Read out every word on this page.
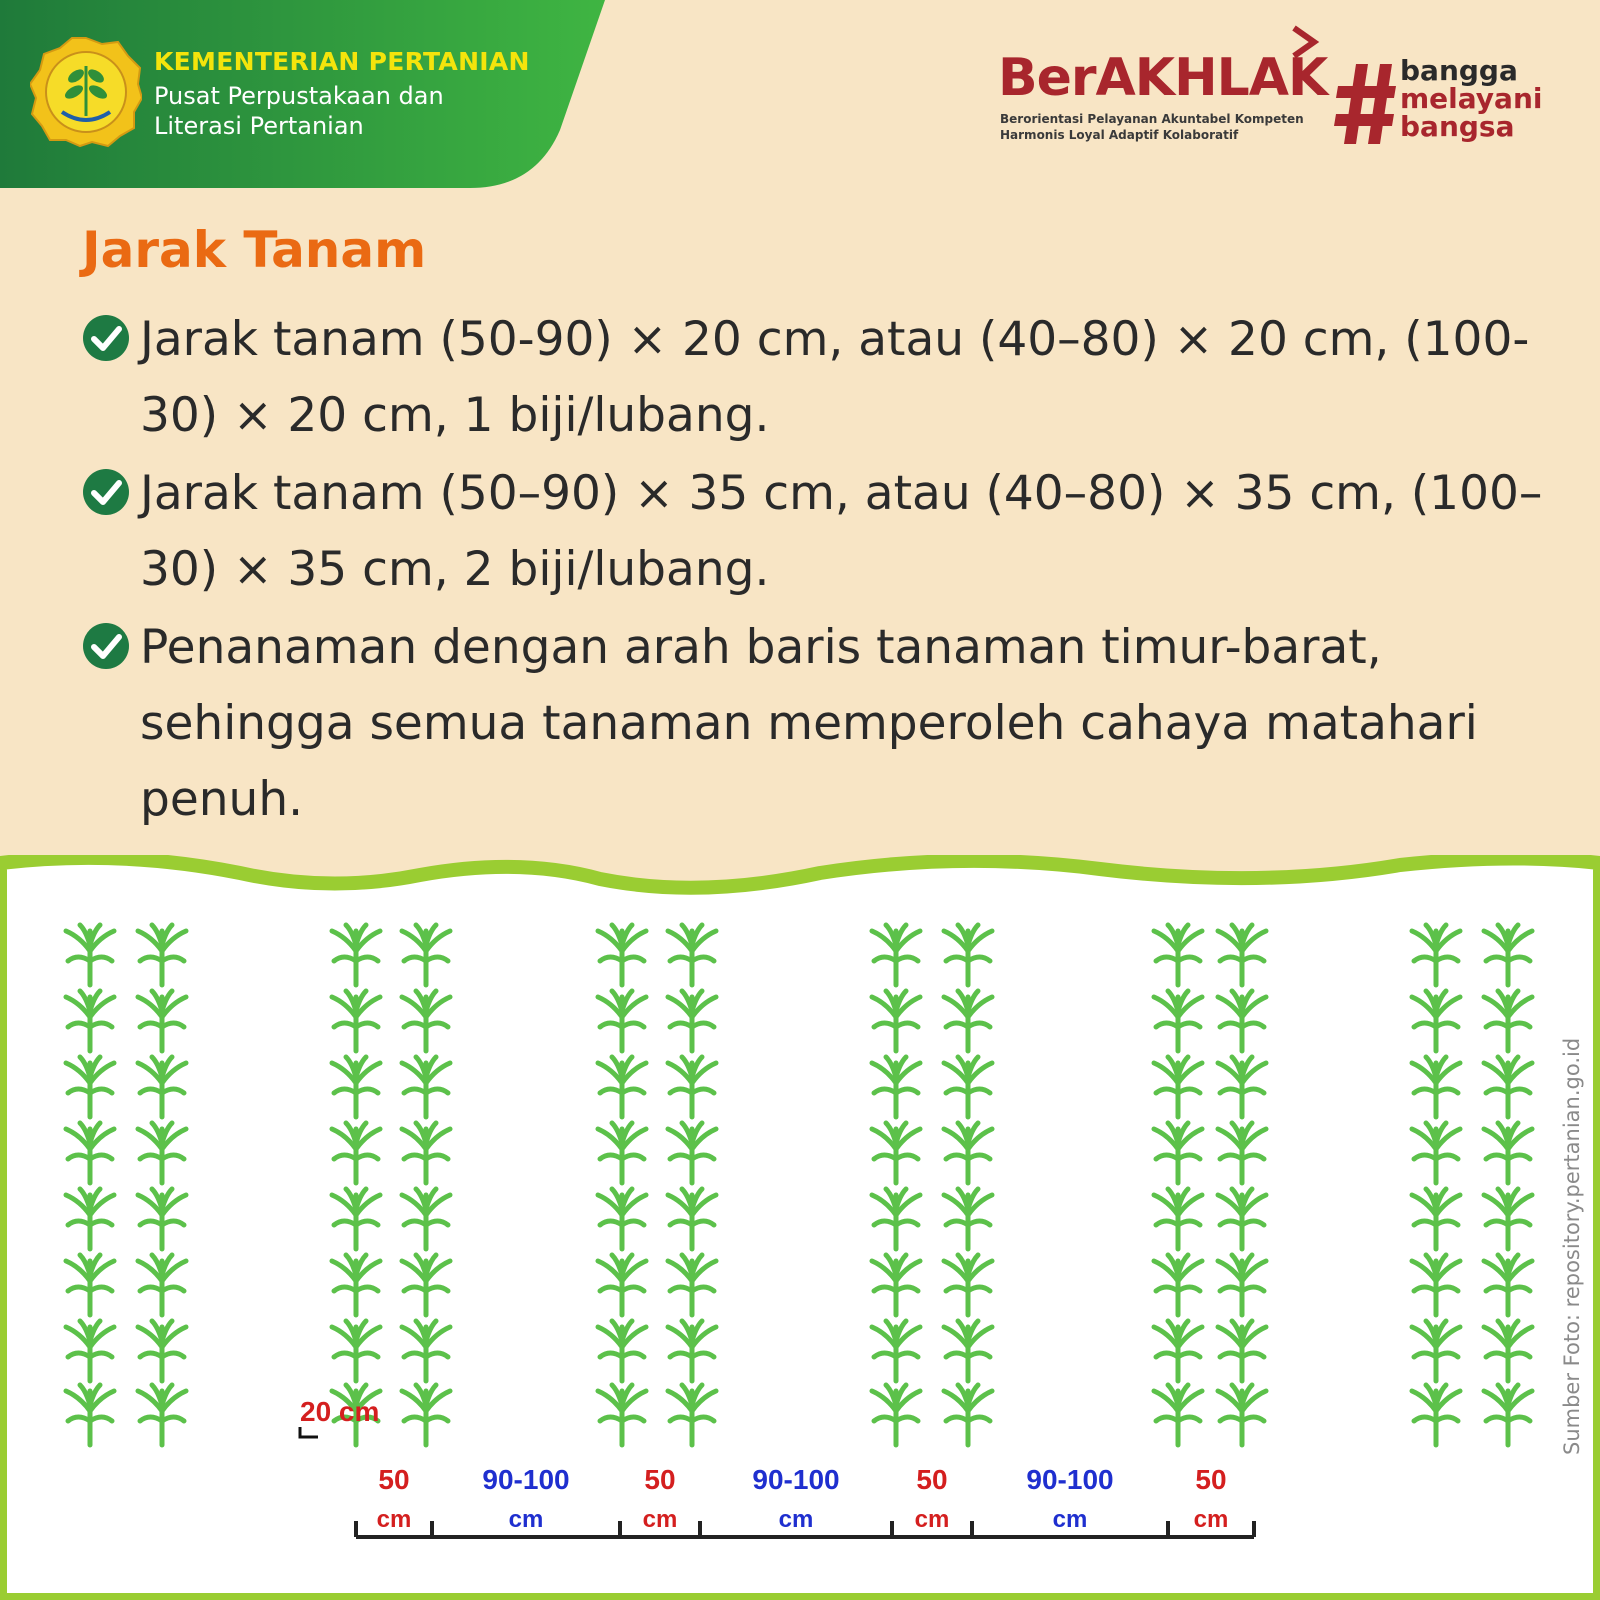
KEMENTERIAN PERTANIAN
Pusat Perpustakaan dan
Literasi Pertanian
BerAKHLAK
Berorientasi Pelayanan Akuntabel Kompeten
Harmonis Loyal Adaptif Kolaboratif
bangga
melayani
bangsa
Jarak Tanam
Jarak tanam (50-90) × 20 cm, atau (40–80) × 20 cm, (100-30) × 20 cm, 1 biji/lubang.
Jarak tanam (50–90) × 35 cm, atau (40–80) × 35 cm, (100–30) × 35 cm, 2 biji/lubang.
Penanaman dengan arah baris tanaman timur-barat, sehingga semua tanaman memperoleh cahaya matahari penuh.
20 cm
50
cm
90-100
cm
50
cm
90-100
cm
50
cm
90-100
cm
50
cm
Sumber Foto: repository.pertanian.go.id
